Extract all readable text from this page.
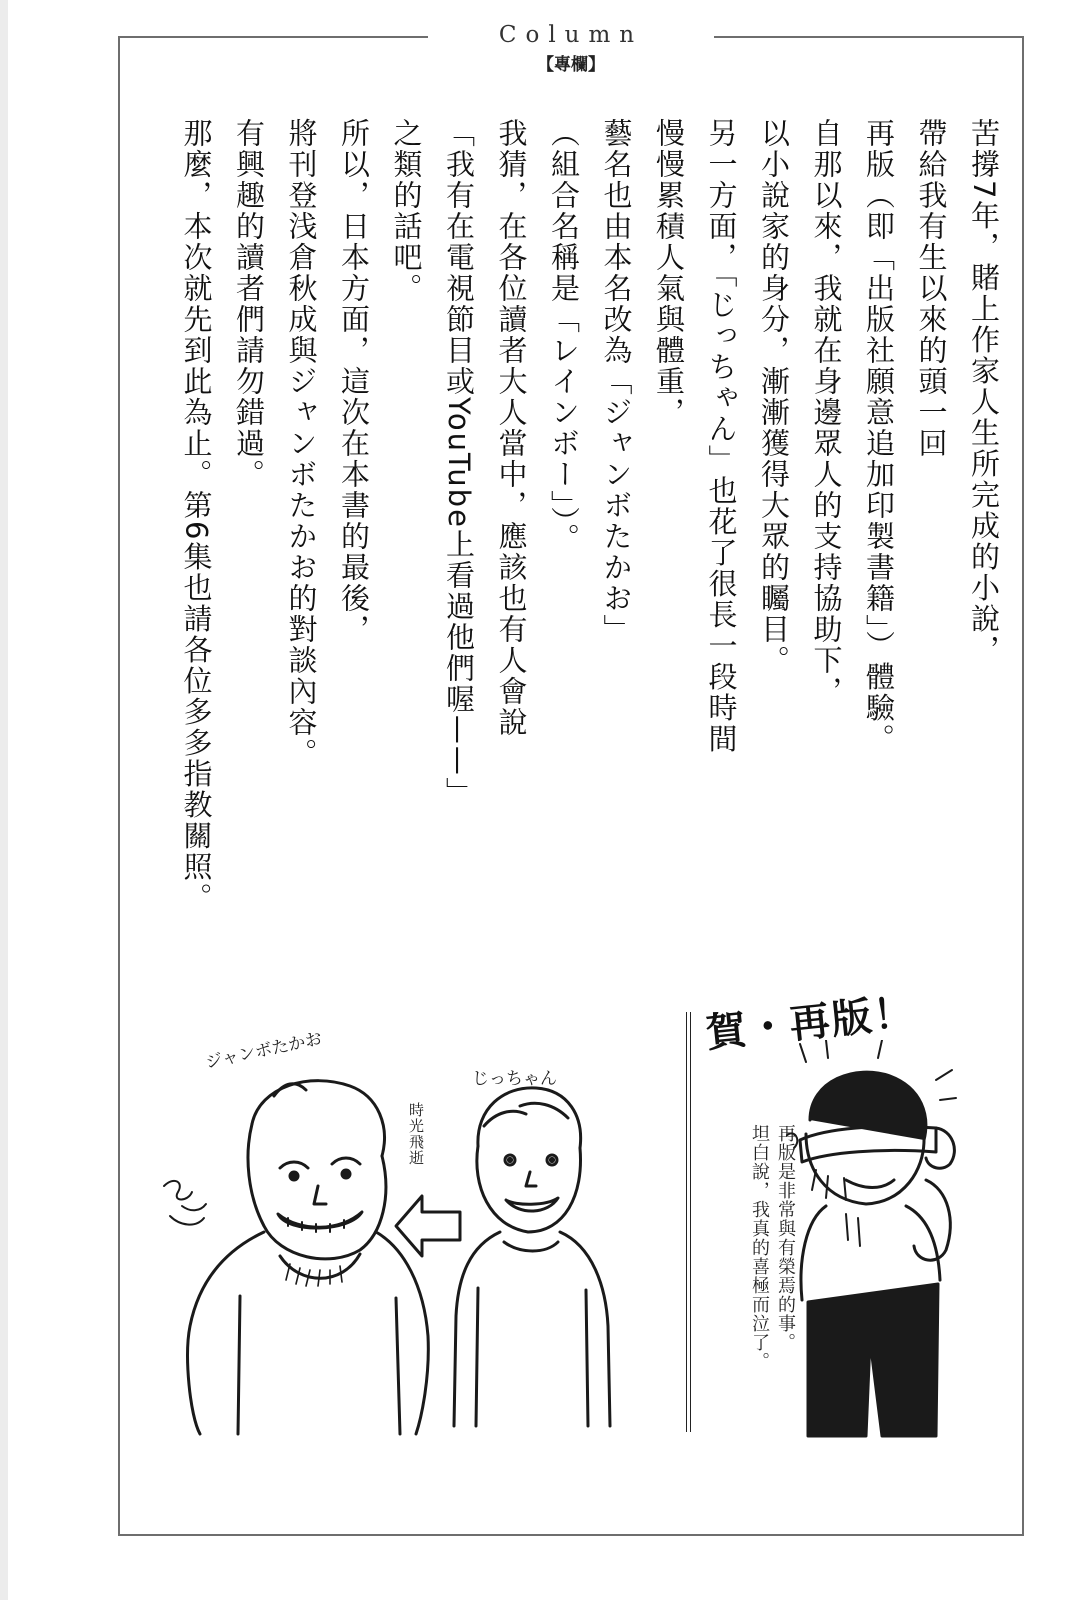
Column
【專欄】

苦撐7年，賭上作家人生所完成的小說，

帶給我有生以來的頭一回

再版（即「出版社願意追加印製書籍」）體驗。

自那以來，我就在身邊眾人的支持協助下，

以小說家的身分，漸漸獲得大眾的矚目。

另一方面，「じっちゃん」也花了很長一段時間

慢慢累積人氣與體重，

藝名也由本名改為「ジャンボたかお」

（組合名稱是「レインボー」）。

我猜，在各位讀者大人當中，應該也有人會說

「我有在電視節目或YouTube上看過他們喔——」

之類的話吧。

所以，日本方面，這次在本書的最後，

將刊登浅倉秋成與ジャンボたかお的對談內容。

有興趣的讀者們請勿錯過。

那麼，本次就先到此為止。第6集也請各位多多指教關照。

ジャンボたかお
じっちゃん
時光飛逝
賀・再版！

再版是非常與有榮焉的事。

坦白說，我真的喜極而泣了。
